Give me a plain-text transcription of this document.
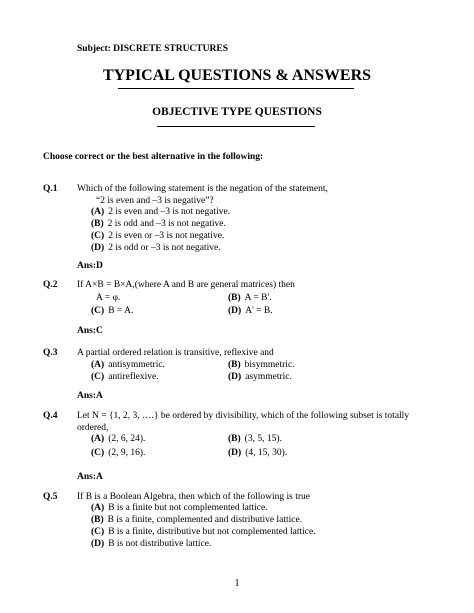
Subject: DISCRETE STRUCTURES
TYPICAL QUESTIONS & ANSWERS
OBJECTIVE TYPE QUESTIONS
Choose correct or the best alternative in the following:
Q.1 Which of the following statement is the negation of the statement,
“2 is even and –3 is negative”?
(A) 2 is even and –3 is not negative.
(B) 2 is odd and –3 is not negative.
(C) 2 is even or –3 is not negative.
(D) 2 is odd or –3 is not negative.
Ans:D
Q.2 If A×B = B×A,(where A and B are general matrices) then
A = φ.	(B) A = B'.
(C) B = A.	(D) A' = B.
Ans:C
Q.3 A partial ordered relation is transitive, reflexive and
(A) antisymmetric.	(B) bisymmetric.
(C) antireflexive.	(D) asymmetric.
Ans:A
Q.4 Let N = {1, 2, 3, ….} be ordered by divisibility, which of the following subset is totally
ordered,
(A) (2, 6, 24).	(B) (3, 5, 15).
(C) (2, 9, 16).	(D) (4, 15, 30).
Ans:A
Q.5 If B is a Boolean Algebra, then which of the following is true
(A) B is a finite but not complemented lattice.
(B) B is a finite, complemented and distributive lattice.
(C) B is a finite, distributive but not complemented lattice.
(D) B is not distributive lattice.
1
